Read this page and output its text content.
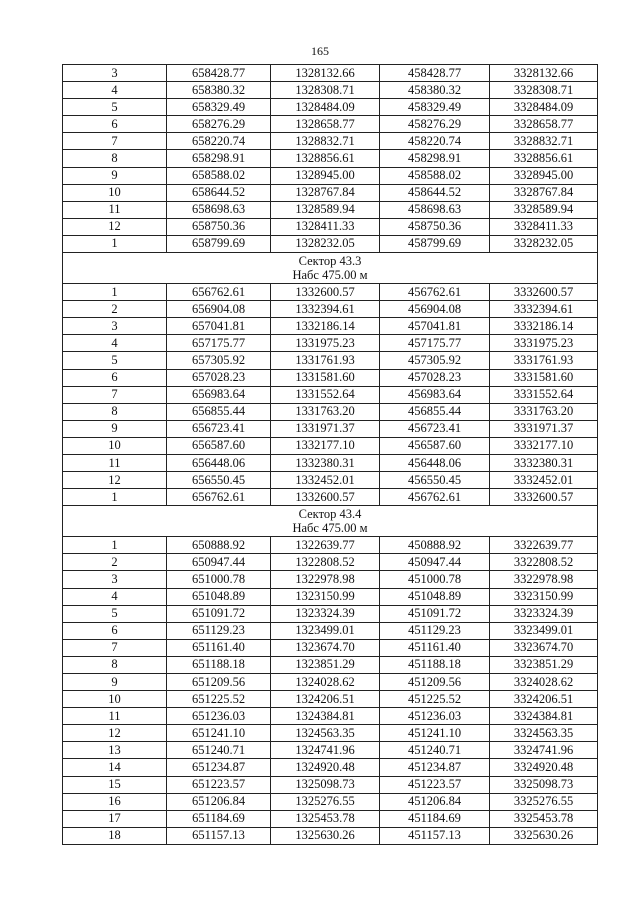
165
3	658428.77	1328132.66	458428.77	3328132.66
4	658380.32	1328308.71	458380.32	3328308.71
5	658329.49	1328484.09	458329.49	3328484.09
6	658276.29	1328658.77	458276.29	3328658.77
7	658220.74	1328832.71	458220.74	3328832.71
8	658298.91	1328856.61	458298.91	3328856.61
9	658588.02	1328945.00	458588.02	3328945.00
10	658644.52	1328767.84	458644.52	3328767.84
11	658698.63	1328589.94	458698.63	3328589.94
12	658750.36	1328411.33	458750.36	3328411.33
1	658799.69	1328232.05	458799.69	3328232.05

Сектор 43.3
Набс 475.00 м				

1	656762.61	1332600.57	456762.61	3332600.57
2	656904.08	1332394.61	456904.08	3332394.61
3	657041.81	1332186.14	457041.81	3332186.14
4	657175.77	1331975.23	457175.77	3331975.23
5	657305.92	1331761.93	457305.92	3331761.93
6	657028.23	1331581.60	457028.23	3331581.60
7	656983.64	1331552.64	456983.64	3331552.64
8	656855.44	1331763.20	456855.44	3331763.20
9	656723.41	1331971.37	456723.41	3331971.37
10	656587.60	1332177.10	456587.60	3332177.10
11	656448.06	1332380.31	456448.06	3332380.31
12	656550.45	1332452.01	456550.45	3332452.01
1	656762.61	1332600.57	456762.61	3332600.57

Сектор 43.4
Набс 475.00 м				

1	650888.92	1322639.77	450888.92	3322639.77
2	650947.44	1322808.52	450947.44	3322808.52
3	651000.78	1322978.98	451000.78	3322978.98
4	651048.89	1323150.99	451048.89	3323150.99
5	651091.72	1323324.39	451091.72	3323324.39
6	651129.23	1323499.01	451129.23	3323499.01
7	651161.40	1323674.70	451161.40	3323674.70
8	651188.18	1323851.29	451188.18	3323851.29
9	651209.56	1324028.62	451209.56	3324028.62
10	651225.52	1324206.51	451225.52	3324206.51
11	651236.03	1324384.81	451236.03	3324384.81
12	651241.10	1324563.35	451241.10	3324563.35
13	651240.71	1324741.96	451240.71	3324741.96
14	651234.87	1324920.48	451234.87	3324920.48
15	651223.57	1325098.73	451223.57	3325098.73
16	651206.84	1325276.55	451206.84	3325276.55
17	651184.69	1325453.78	451184.69	3325453.78
18	651157.13	1325630.26	451157.13	3325630.26
